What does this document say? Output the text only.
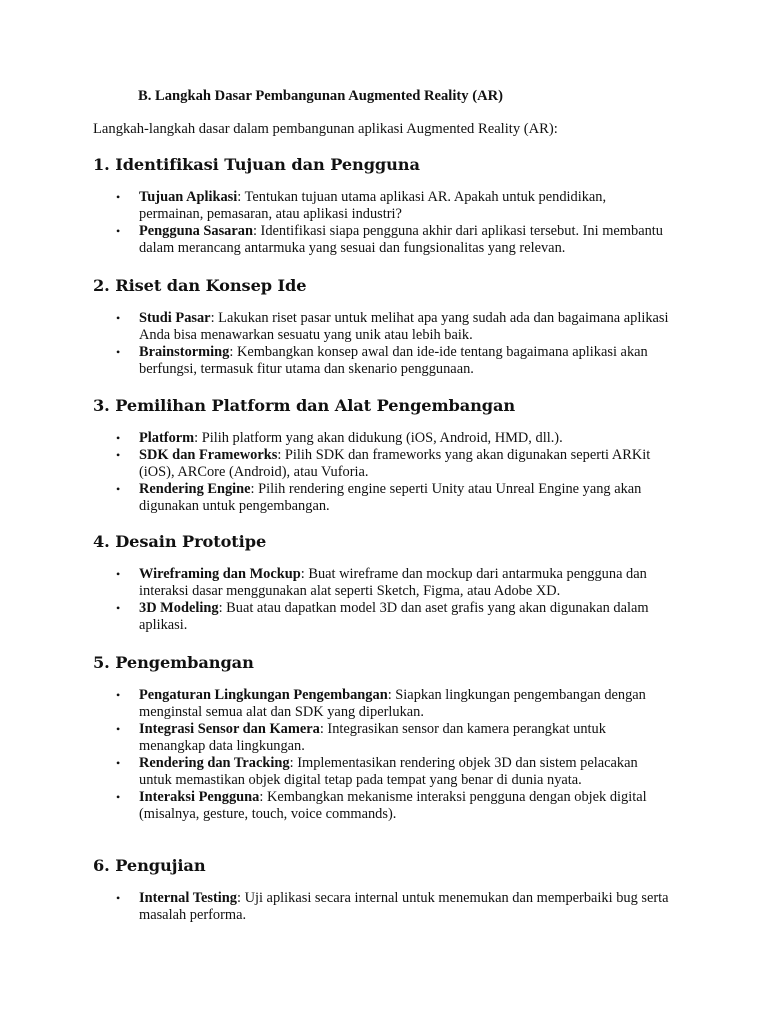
B. Langkah Dasar Pembangunan Augmented Reality (AR)

Langkah-langkah dasar dalam pembangunan aplikasi Augmented Reality (AR):

1. Identifikasi Tujuan dan Pengguna
• Tujuan Aplikasi: Tentukan tujuan utama aplikasi AR. Apakah untuk pendidikan, permainan, pemasaran, atau aplikasi industri?
• Pengguna Sasaran: Identifikasi siapa pengguna akhir dari aplikasi tersebut. Ini membantu dalam merancang antarmuka yang sesuai dan fungsionalitas yang relevan.
2. Riset dan Konsep Ide
• Studi Pasar: Lakukan riset pasar untuk melihat apa yang sudah ada dan bagaimana aplikasi Anda bisa menawarkan sesuatu yang unik atau lebih baik.
• Brainstorming: Kembangkan konsep awal dan ide-ide tentang bagaimana aplikasi akan berfungsi, termasuk fitur utama dan skenario penggunaan.
3. Pemilihan Platform dan Alat Pengembangan
• Platform: Pilih platform yang akan didukung (iOS, Android, HMD, dll.).
• SDK dan Frameworks: Pilih SDK dan frameworks yang akan digunakan seperti ARKit (iOS), ARCore (Android), atau Vuforia.
• Rendering Engine: Pilih rendering engine seperti Unity atau Unreal Engine yang akan digunakan untuk pengembangan.
4. Desain Prototipe
• Wireframing dan Mockup: Buat wireframe dan mockup dari antarmuka pengguna dan interaksi dasar menggunakan alat seperti Sketch, Figma, atau Adobe XD.
• 3D Modeling: Buat atau dapatkan model 3D dan aset grafis yang akan digunakan dalam aplikasi.
5. Pengembangan
• Pengaturan Lingkungan Pengembangan: Siapkan lingkungan pengembangan dengan menginstal semua alat dan SDK yang diperlukan.
• Integrasi Sensor dan Kamera: Integrasikan sensor dan kamera perangkat untuk menangkap data lingkungan.
• Rendering dan Tracking: Implementasikan rendering objek 3D dan sistem pelacakan untuk memastikan objek digital tetap pada tempat yang benar di dunia nyata.
• Interaksi Pengguna: Kembangkan mekanisme interaksi pengguna dengan objek digital (misalnya, gesture, touch, voice commands).
6. Pengujian
• Internal Testing: Uji aplikasi secara internal untuk menemukan dan memperbaiki bug serta masalah performa.
